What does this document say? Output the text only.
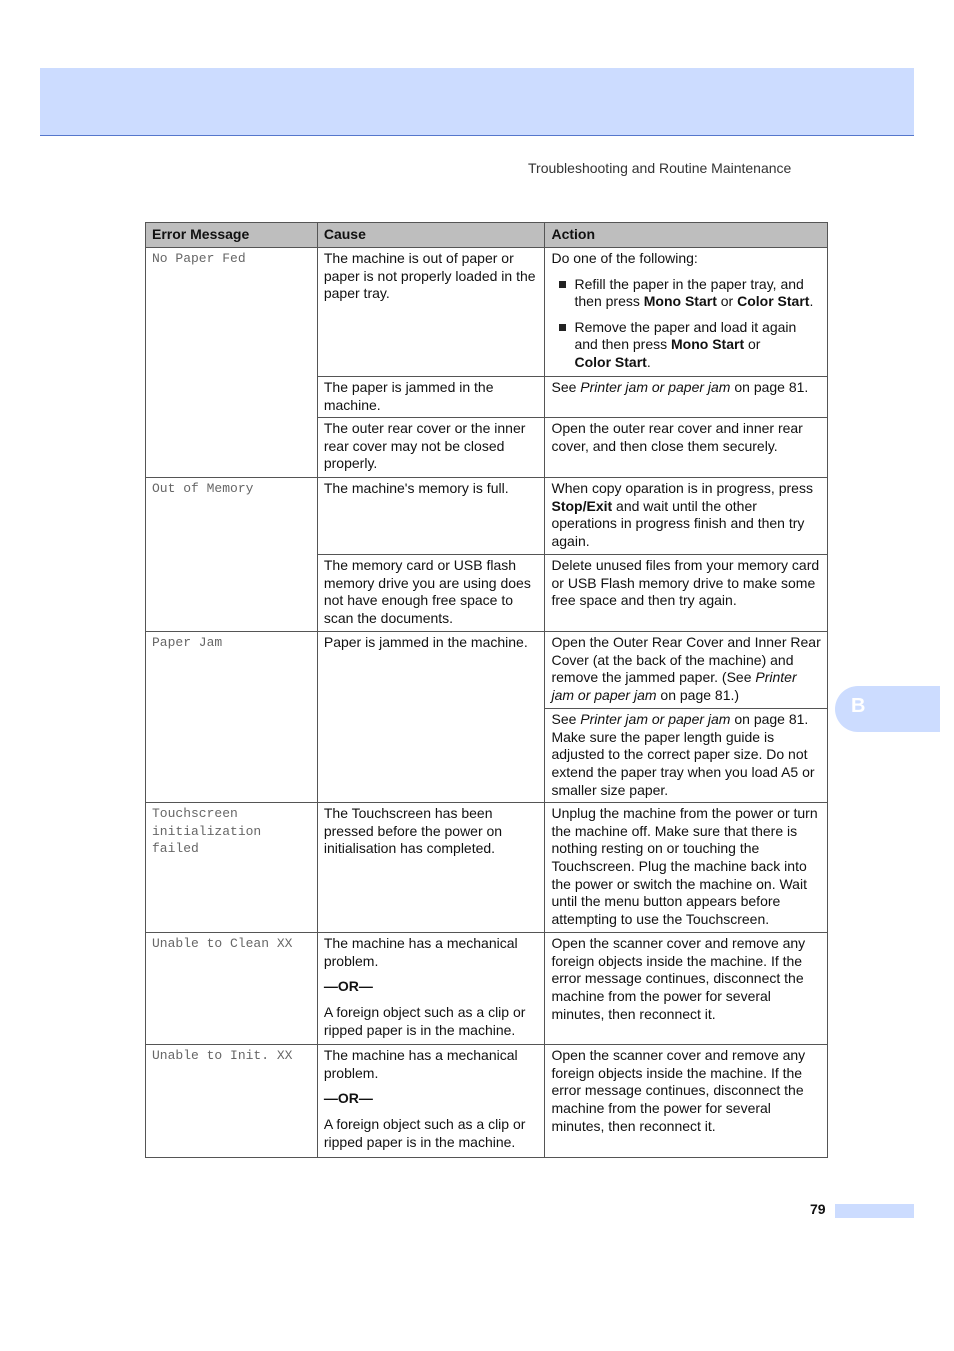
Troubleshooting and Routine Maintenance
Error Message	Cause	Action
No Paper Fed	The machine is out of paper or paper is not properly loaded in the paper tray.	Do one of the following:
Refill the paper in the paper tray, and then press Mono Start or Color Start.
Remove the paper and load it again and then press Mono Start or
Color Start.

	The paper is jammed in the machine.	See Printer jam or paper jam on page 81.
	The outer rear cover or the inner rear cover may not be closed properly.	Open the outer rear cover and inner rear cover, and then close them securely.
Out of Memory	The machine's memory is full.	When copy oparation is in progress, press Stop/Exit and wait until the other operations in progress finish and then try again.
	The memory card or USB flash memory drive you are using does not have enough free space to scan the documents.	Delete unused files from your memory card or USB Flash memory drive to make some free space and then try again.
Paper Jam	Paper is jammed in the machine.	Open the Outer Rear Cover and Inner Rear Cover (at the back of the machine) and remove the jammed paper. (See Printer jam or paper jam on page 81.)
		See Printer jam or paper jam on page 81. Make sure the paper length guide is adjusted to the correct paper size. Do not extend the paper tray when you load A5 or smaller size paper.
Touchscreen initialization failed	The Touchscreen has been pressed before the power on initialisation has completed.	Unplug the machine from the power or turn the machine off. Make sure that there is nothing resting on or touching the Touchscreen. Plug the machine back into the power or switch the machine on. Wait until the menu button appears before attempting to use the Touchscreen.
Unable to Clean XX	The machine has a mechanical problem.
—OR—
A foreign object such as a clip or ripped paper is in the machine.	Open the scanner cover and remove any foreign objects inside the machine. If the error message continues, disconnect the machine from the power for several minutes, then reconnect it.
Unable to Init. XX	The machine has a mechanical problem.
—OR—
A foreign object such as a clip or ripped paper is in the machine.	Open the scanner cover and remove any foreign objects inside the machine. If the error message continues, disconnect the machine from the power for several minutes, then reconnect it.
B
79
